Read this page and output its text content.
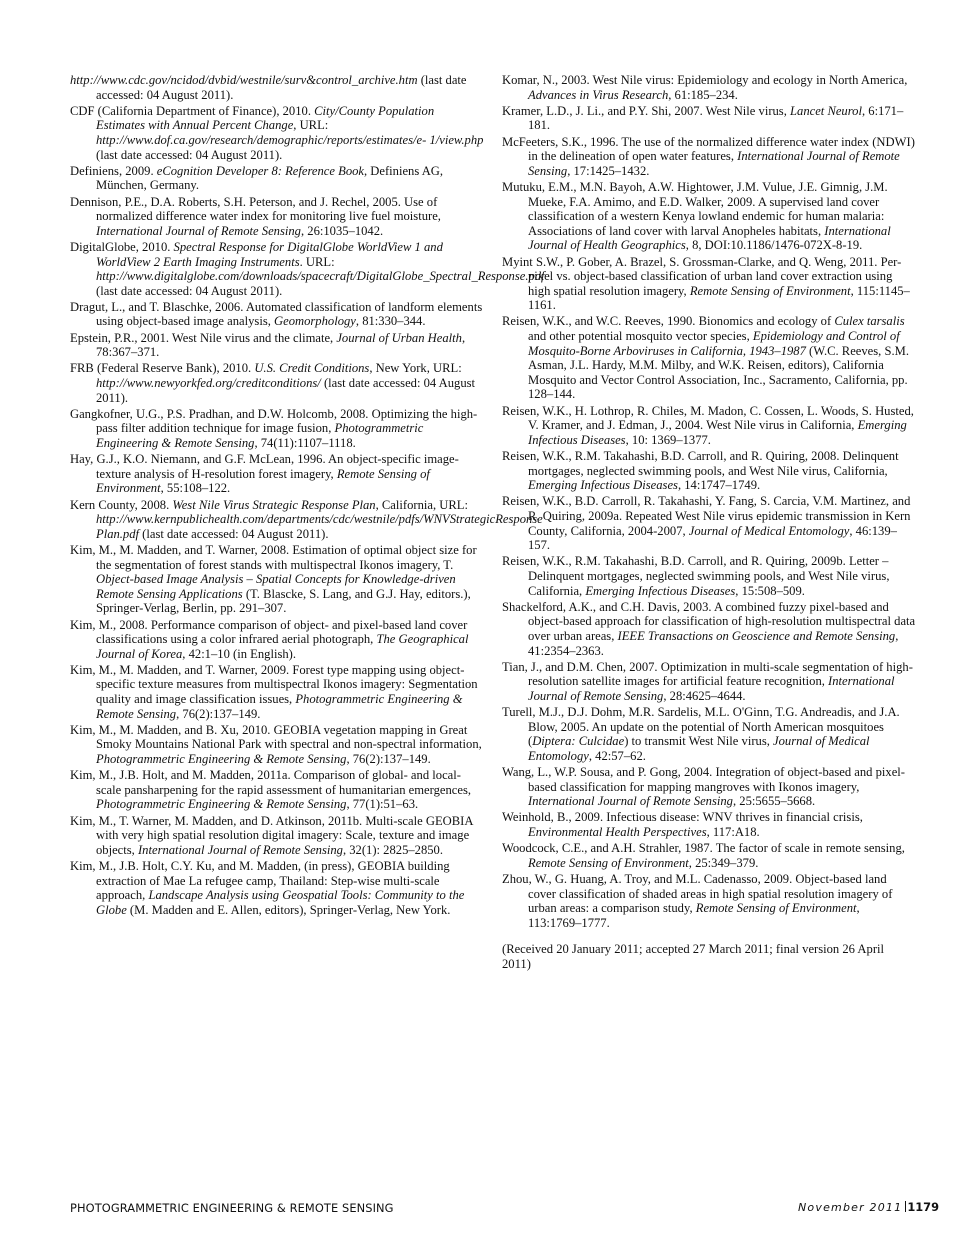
http://www.cdc.gov/ncidod/dvbid/westnile/surv&control_archive.htm (last date accessed: 04 August 2011).

CDF (California Department of Finance), 2010. City/County Population Estimates with Annual Percent Change, URL: http://www.dof.ca.gov/research/demographic/reports/estimates/e- 1/view.php (last date accessed: 04 August 2011).

Definiens, 2009. eCognition Developer 8: Reference Book, Definiens AG, München, Germany.

Dennison, P.E., D.A. Roberts, S.H. Peterson, and J. Rechel, 2005. Use of normalized difference water index for monitoring live fuel moisture, International Journal of Remote Sensing, 26:1035–1042.

DigitalGlobe, 2010. Spectral Response for DigitalGlobe WorldView 1 and WorldView 2 Earth Imaging Instruments. URL: http://www.digitalglobe.com/downloads/spacecraft/DigitalGlobe_Spectral_Response.pdf (last date accessed: 04 August 2011).

Dragut, L., and T. Blaschke, 2006. Automated classification of landform elements using object-based image analysis, Geomorphology, 81:330–344.

Epstein, P.R., 2001. West Nile virus and the climate, Journal of Urban Health, 78:367–371.

FRB (Federal Reserve Bank), 2010. U.S. Credit Conditions, New York, URL: http://www.newyorkfed.org/creditconditions/ (last date accessed: 04 August 2011).

Gangkofner, U.G., P.S. Pradhan, and D.W. Holcomb, 2008. Optimizing the high-pass filter addition technique for image fusion, Photogrammetric Engineering & Remote Sensing, 74(11):1107–1118.

Hay, G.J., K.O. Niemann, and G.F. McLean, 1996. An object-specific image-texture analysis of H-resolution forest imagery, Remote Sensing of Environment, 55:108–122.

Kern County, 2008. West Nile Virus Strategic Response Plan, California, URL: http://www.kernpublichealth.com/departments/cdc/westnile/pdfs/WNVStrategicResponse Plan.pdf (last date accessed: 04 August 2011).

Kim, M., M. Madden, and T. Warner, 2008. Estimation of optimal object size for the segmentation of forest stands with multispectral Ikonos imagery, T. Object-based Image Analysis – Spatial Concepts for Knowledge-driven Remote Sensing Applications (T. Blascke, S. Lang, and G.J. Hay, editors.), Springer-Verlag, Berlin, pp. 291–307.

Kim, M., 2008. Performance comparison of object- and pixel-based land cover classifications using a color infrared aerial photograph, The Geographical Journal of Korea, 42:1–10 (in English).

Kim, M., M. Madden, and T. Warner, 2009. Forest type mapping using object-specific texture measures from multispectral Ikonos imagery: Segmentation quality and image classification issues, Photogrammetric Engineering & Remote Sensing, 76(2):137–149.

Kim, M., M. Madden, and B. Xu, 2010. GEOBIA vegetation mapping in Great Smoky Mountains National Park with spectral and non-spectral information, Photogrammetric Engineering & Remote Sensing, 76(2):137–149.

Kim, M., J.B. Holt, and M. Madden, 2011a. Comparison of global- and local-scale pansharpening for the rapid assessment of humanitarian emergences, Photogrammetric Engineering & Remote Sensing, 77(1):51–63.

Kim, M., T. Warner, M. Madden, and D. Atkinson, 2011b. Multi-scale GEOBIA with very high spatial resolution digital imagery: Scale, texture and image objects, International Journal of Remote Sensing, 32(1): 2825–2850.

Kim, M., J.B. Holt, C.Y. Ku, and M. Madden, (in press), GEOBIA building extraction of Mae La refugee camp, Thailand: Step-wise multi-scale approach, Landscape Analysis using Geospatial Tools: Community to the Globe (M. Madden and E. Allen, editors), Springer-Verlag, New York.

Komar, N., 2003. West Nile virus: Epidemiology and ecology in North America, Advances in Virus Research, 61:185–234.

Kramer, L.D., J. Li., and P.Y. Shi, 2007. West Nile virus, Lancet Neurol, 6:171–181.

McFeeters, S.K., 1996. The use of the normalized difference water index (NDWI) in the delineation of open water features, International Journal of Remote Sensing, 17:1425–1432.

Mutuku, E.M., M.N. Bayoh, A.W. Hightower, J.M. Vulue, J.E. Gimnig, J.M. Mueke, F.A. Amimo, and E.D. Walker, 2009. A supervised land cover classification of a western Kenya lowland endemic for human malaria: Associations of land cover with larval Anopheles habitats, International Journal of Health Geographics, 8, DOI:10.1186/1476-072X-8-19.

Myint S.W., P. Gober, A. Brazel, S. Grossman-Clarke, and Q. Weng, 2011. Per-pixel vs. object-based classification of urban land cover extraction using high spatial resolution imagery, Remote Sensing of Environment, 115:1145–1161.

Reisen, W.K., and W.C. Reeves, 1990. Bionomics and ecology of Culex tarsalis and other potential mosquito vector species, Epidemiology and Control of Mosquito-Borne Arboviruses in California, 1943–1987 (W.C. Reeves, S.M. Asman, J.L. Hardy, M.M. Milby, and W.K. Reisen, editors), California Mosquito and Vector Control Association, Inc., Sacramento, California, pp. 128–144.

Reisen, W.K., H. Lothrop, R. Chiles, M. Madon, C. Cossen, L. Woods, S. Husted, V. Kramer, and J. Edman, J., 2004. West Nile virus in California, Emerging Infectious Diseases, 10: 1369–1377.

Reisen, W.K., R.M. Takahashi, B.D. Carroll, and R. Quiring, 2008. Delinquent mortgages, neglected swimming pools, and West Nile virus, California, Emerging Infectious Diseases, 14:1747–1749.

Reisen, W.K., B.D. Carroll, R. Takahashi, Y. Fang, S. Carcia, V.M. Martinez, and R. Quiring, 2009a. Repeated West Nile virus epidemic transmission in Kern County, California, 2004-2007, Journal of Medical Entomology, 46:139–157.

Reisen, W.K., R.M. Takahashi, B.D. Carroll, and R. Quiring, 2009b. Letter – Delinquent mortgages, neglected swimming pools, and West Nile virus, California, Emerging Infectious Diseases, 15:508–509.

Shackelford, A.K., and C.H. Davis, 2003. A combined fuzzy pixel-based and object-based approach for classification of high-resolution multispectral data over urban areas, IEEE Transactions on Geoscience and Remote Sensing, 41:2354–2363.

Tian, J., and D.M. Chen, 2007. Optimization in multi-scale segmentation of high-resolution satellite images for artificial feature recognition, International Journal of Remote Sensing, 28:4625–4644.

Turell, M.J., D.J. Dohm, M.R. Sardelis, M.L. O'Ginn, T.G. Andreadis, and J.A. Blow, 2005. An update on the potential of North American mosquitoes (Diptera: Culcidae) to transmit West Nile virus, Journal of Medical Entomology, 42:57–62.

Wang, L., W.P. Sousa, and P. Gong, 2004. Integration of object-based and pixel-based classification for mapping mangroves with Ikonos imagery, International Journal of Remote Sensing, 25:5655–5668.

Weinhold, B., 2009. Infectious disease: WNV thrives in financial crisis, Environmental Health Perspectives, 117:A18.

Woodcock, C.E., and A.H. Strahler, 1987. The factor of scale in remote sensing, Remote Sensing of Environment, 25:349–379.

Zhou, W., G. Huang, A. Troy, and M.L. Cadenasso, 2009. Object-based land cover classification of shaded areas in high spatial resolution imagery of urban areas: a comparison study, Remote Sensing of Environment, 113:1769–1777.

(Received 20 January 2011; accepted 27 March 2011; final version 26 April 2011)
PHOTOGRAMMETRIC ENGINEERING & REMOTE SENSING	November 2011 1179
